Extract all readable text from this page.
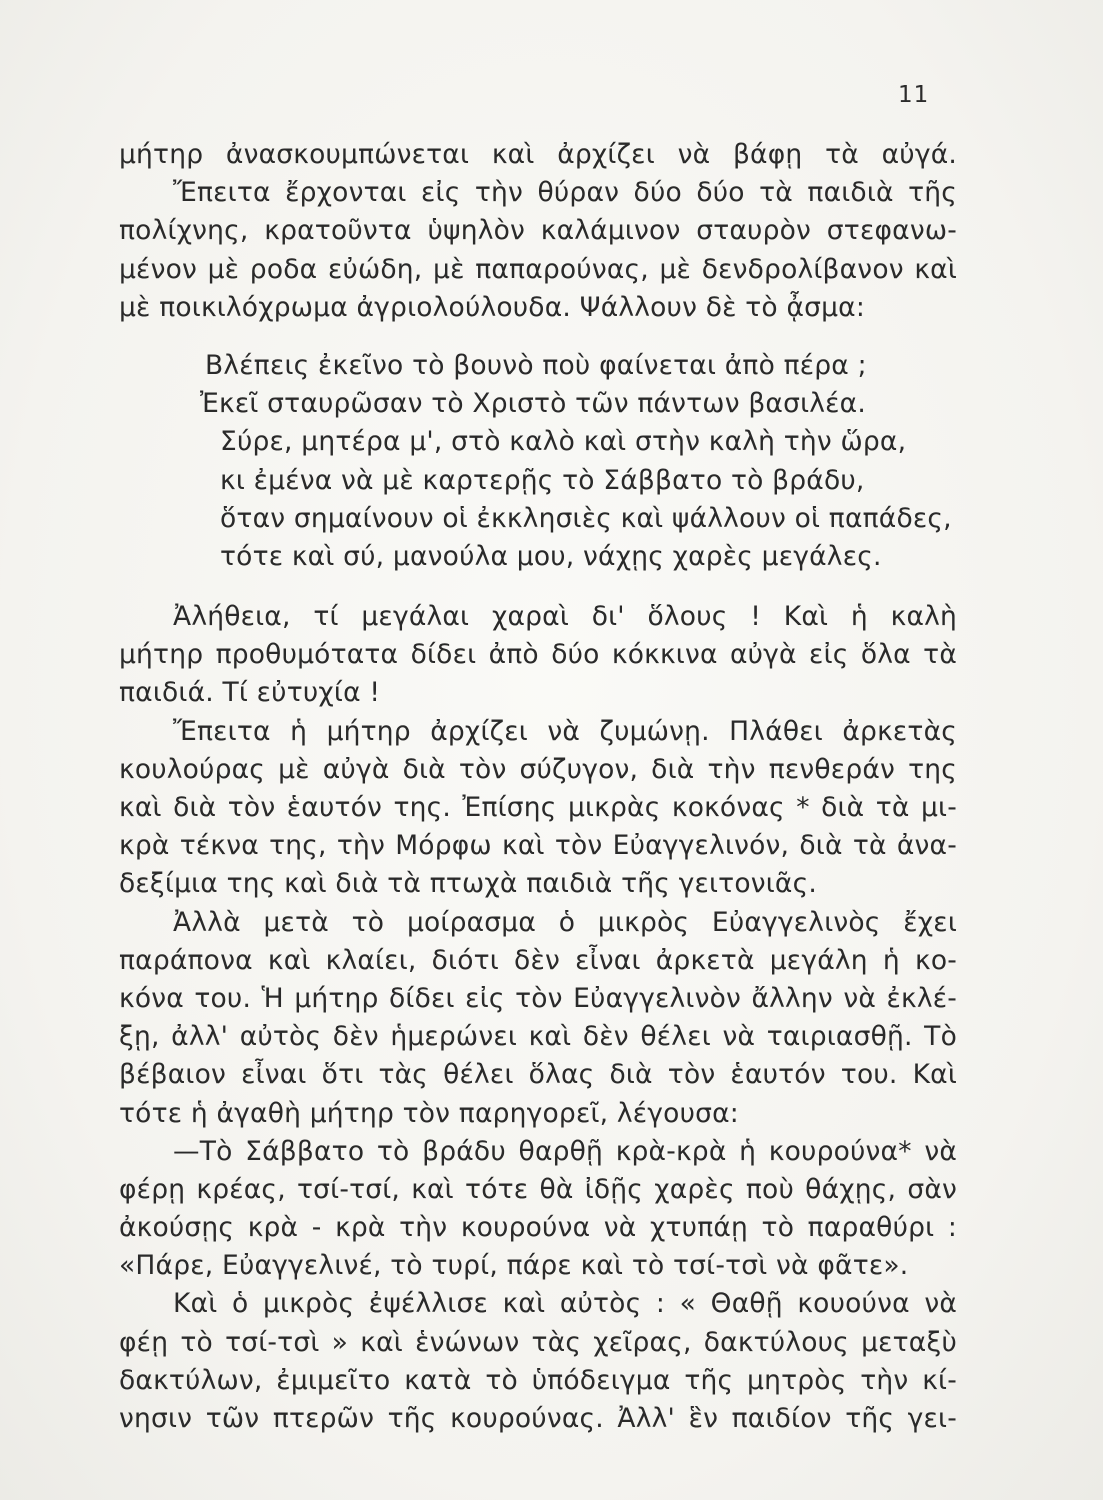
11
μήτηρ ἀνασκουμπώνεται καὶ ἀρχίζει νὰ βάφῃ τὰ αὐγά.
Ἔπειτα ἔρχονται εἰς τὴν θύραν δύο δύο τὰ παιδιὰ τῆς
πολίχνης, κρατοῦντα ὑψηλὸν καλάμινον σταυρὸν στεφανω-
μένον μὲ ροδα εὐώδη, μὲ παπαρούνας, μὲ δενδρολίβανον καὶ
μὲ ποικιλόχρωμα ἀγριολούλουδα. Ψάλλουν δὲ τὸ ᾆσμα:
Βλέπεις ἐκεῖνο τὸ βουνὸ ποὺ φαίνεται ἀπὸ πέρα ;
Ἐκεῖ σταυρῶσαν τὸ Χριστὸ τῶν πάντων βασιλέα.
Σύρε, μητέρα μ', στὸ καλὸ καὶ στὴν καλὴ τὴν ὥρα,
κι ἐμένα νὰ μὲ καρτερῇς τὸ Σάββατο τὸ βράδυ,
ὅταν σημαίνουν οἱ ἐκκλησιὲς καὶ ψάλλουν οἱ παπάδες,
τότε καὶ σύ, μανούλα μου, νάχῃς χαρὲς μεγάλες.
Ἀλήθεια, τί μεγάλαι χαραὶ δι' ὅλους ! Καὶ ἡ καλὴ
μήτηρ προθυμότατα δίδει ἀπὸ δύο κόκκινα αὐγὰ εἰς ὅλα τὰ
παιδιά. Τί εὐτυχία !
Ἔπειτα ἡ μήτηρ ἀρχίζει νὰ ζυμώνῃ. Πλάθει ἀρκετὰς
κουλούρας μὲ αὐγὰ διὰ τὸν σύζυγον, διὰ τὴν πενθεράν της
καὶ διὰ τὸν ἑαυτόν της. Ἐπίσης μικρὰς κοκόνας * διὰ τὰ μι-
κρὰ τέκνα της, τὴν Μόρφω καὶ τὸν Εὐαγγελινόν, διὰ τὰ ἀνα-
δεξίμια της καὶ διὰ τὰ πτωχὰ παιδιὰ τῆς γειτονιᾶς.
Ἀλλὰ μετὰ τὸ μοίρασμα ὁ μικρὸς Εὐαγγελινὸς ἔχει
παράπονα καὶ κλαίει, διότι δὲν εἶναι ἀρκετὰ μεγάλη ἡ κο-
κόνα του. Ἡ μήτηρ δίδει εἰς τὸν Εὐαγγελινὸν ἄλλην νὰ ἐκλέ-
ξῃ, ἀλλ' αὐτὸς δὲν ἡμερώνει καὶ δὲν θέλει νὰ ταιριασθῇ. Τὸ
βέβαιον εἶναι ὅτι τὰς θέλει ὅλας διὰ τὸν ἑαυτόν του. Καὶ
τότε ἡ ἀγαθὴ μήτηρ τὸν παρηγορεῖ, λέγουσα:
—Τὸ Σάββατο τὸ βράδυ θαρθῇ κρὰ-κρὰ ἡ κουρούνα* νὰ
φέρῃ κρέας, τσί-τσί, καὶ τότε θὰ ἰδῇς χαρὲς ποὺ θάχῃς, σὰν
ἀκούσῃς κρὰ - κρὰ τὴν κουρούνα νὰ χτυπάῃ τὸ παραθύρι :
«Πάρε, Εὐαγγελινέ, τὸ τυρί, πάρε καὶ τὸ τσί-τσὶ νὰ φᾶτε».
Καὶ ὁ μικρὸς ἐψέλλισε καὶ αὐτὸς : « Θαθῇ κουούνα νὰ
φέῃ τὸ τσί-τσὶ » καὶ ἑνώνων τὰς χεῖρας, δακτύλους μεταξὺ
δακτύλων, ἐμιμεῖτο κατὰ τὸ ὑπόδειγμα τῆς μητρὸς τὴν κί-
νησιν τῶν πτερῶν τῆς κουρούνας. Ἀλλ' ἓν παιδίον τῆς γει-
